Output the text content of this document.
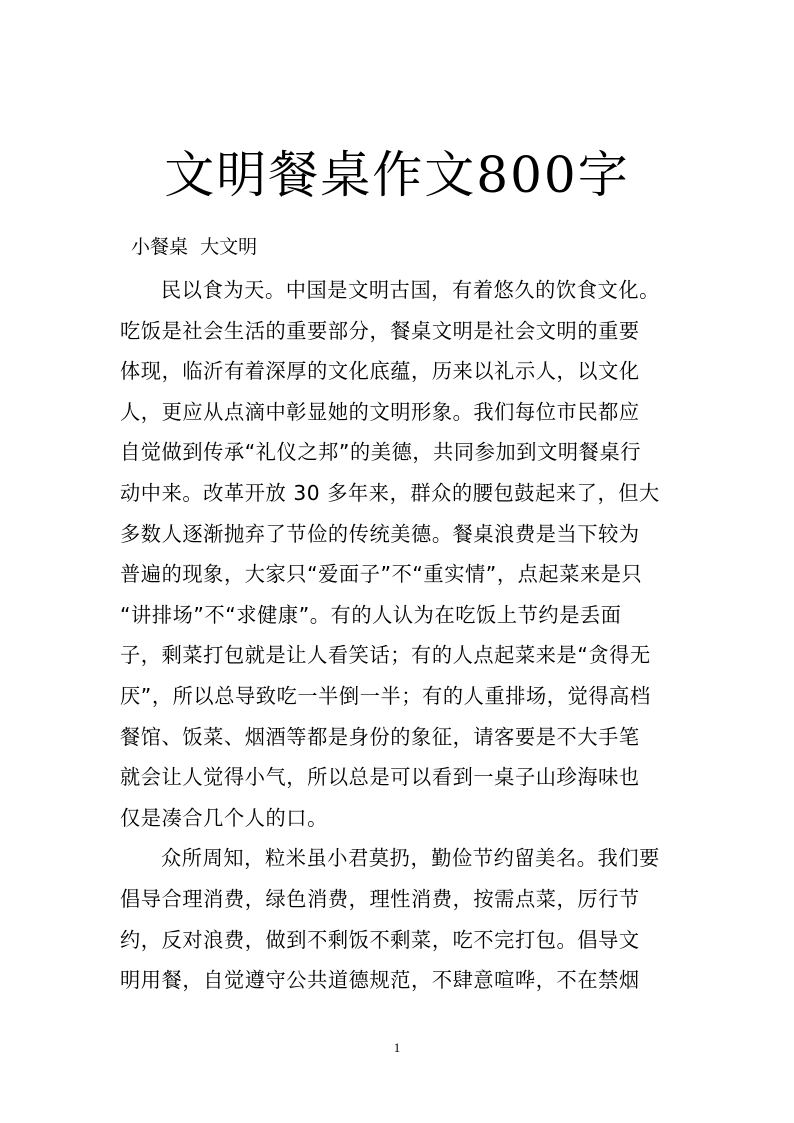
文明餐桌作文800字
小餐桌  大文明
民以食为天。中国是文明古国，有着悠久的饮食文化。
吃饭是社会生活的重要部分，餐桌文明是社会文明的重要
体现，临沂有着深厚的文化底蕴，历来以礼示人，以文化
人，更应从点滴中彰显她的文明形象。我们每位市民都应
自觉做到传承“礼仪之邦”的美德，共同参加到文明餐桌行
动中来。改革开放 30 多年来，群众的腰包鼓起来了，但大
多数人逐渐抛弃了节俭的传统美德。餐桌浪费是当下较为
普遍的现象，大家只“爱面子”不“重实情”，点起菜来是只
“讲排场”不“求健康”。有的人认为在吃饭上节约是丢面
子，剩菜打包就是让人看笑话；有的人点起菜来是“贪得无
厌”，所以总导致吃一半倒一半；有的人重排场，觉得高档
餐馆、饭菜、烟酒等都是身份的象征，请客要是不大手笔
就会让人觉得小气，所以总是可以看到一桌子山珍海味也
仅是凑合几个人的口。
众所周知，粒米虽小君莫扔，勤俭节约留美名。我们要
倡导合理消费，绿色消费，理性消费，按需点菜，厉行节
约，反对浪费，做到不剩饭不剩菜，吃不完打包。倡导文
明用餐，自觉遵守公共道德规范，不肆意喧哗，不在禁烟
1
